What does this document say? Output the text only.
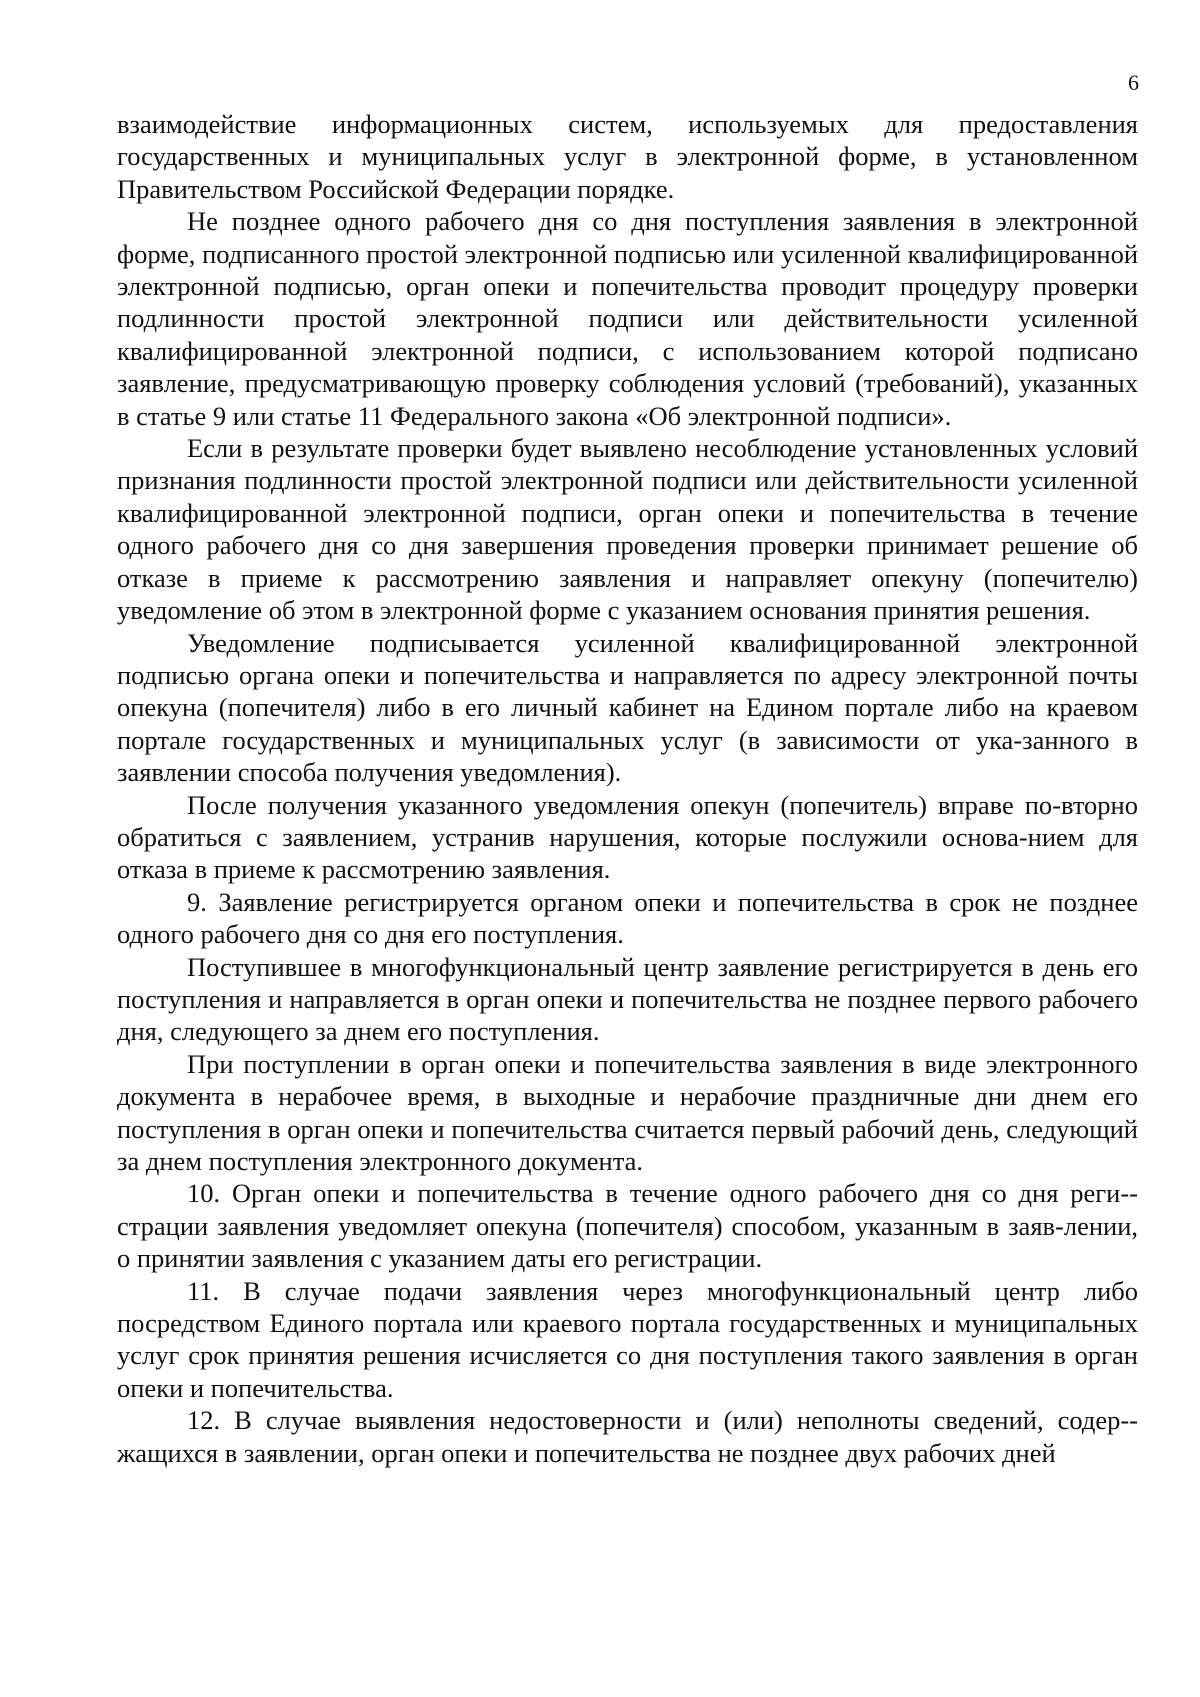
6

взаимодействие информационных систем, используемых для предоставления государственных и муниципальных услуг в электронной форме, в установленном Правительством Российской Федерации порядке.

Не позднее одного рабочего дня со дня поступления заявления в электронной форме, подписанного простой электронной подписью или усиленной квалифицированной электронной подписью, орган опеки и попечительства проводит процедуру проверки подлинности простой электронной подписи или действительности усиленной квалифицированной электронной подписи, с использованием которой подписано заявление, предусматривающую проверку соблюдения условий (требований), указанных в статье 9 или статье 11 Федерального закона «Об электронной подписи».

Если в результате проверки будет выявлено несоблюдение установленных условий признания подлинности простой электронной подписи или действительности усиленной квалифицированной электронной подписи, орган опеки и попечительства в течение одного рабочего дня со дня завершения проведения проверки принимает решение об отказе в приеме к рассмотрению заявления и направляет опекуну (попечителю) уведомление об этом в электронной форме с указанием основания принятия решения.

Уведомление подписывается усиленной квалифицированной электронной подписью органа опеки и попечительства и направляется по адресу электронной почты опекуна (попечителя) либо в его личный кабинет на Едином портале либо на краевом портале государственных и муниципальных услуг (в зависимости от ука-занного в заявлении способа получения уведомления).

После получения указанного уведомления опекун (попечитель) вправе по-вторно обратиться с заявлением, устранив нарушения, которые послужили основа-нием для отказа в приеме к рассмотрению заявления.

9. Заявление регистрируется органом опеки и попечительства в срок не позднее одного рабочего дня со дня его поступления.

Поступившее в многофункциональный центр заявление регистрируется в день его поступления и направляется в орган опеки и попечительства не позднее первого рабочего дня, следующего за днем его поступления.

При поступлении в орган опеки и попечительства заявления в виде электронного документа в нерабочее время, в выходные и нерабочие праздничные дни днем его поступления в орган опеки и попечительства считается первый рабочий день, следующий за днем поступления электронного документа.

10. Орган опеки и попечительства в течение одного рабочего дня со дня реги-страции заявления уведомляет опекуна (попечителя) способом, указанным в заяв-лении, о принятии заявления с указанием даты его регистрации.

11. В случае подачи заявления через многофункциональный центр либо посредством Единого портала или краевого портала государственных и муниципальных услуг срок принятия решения исчисляется со дня поступления такого заявления в орган опеки и попечительства.

12. В случае выявления недостоверности и (или) неполноты сведений, содер-жащихся в заявлении, орган опеки и попечительства не позднее двух рабочих дней
